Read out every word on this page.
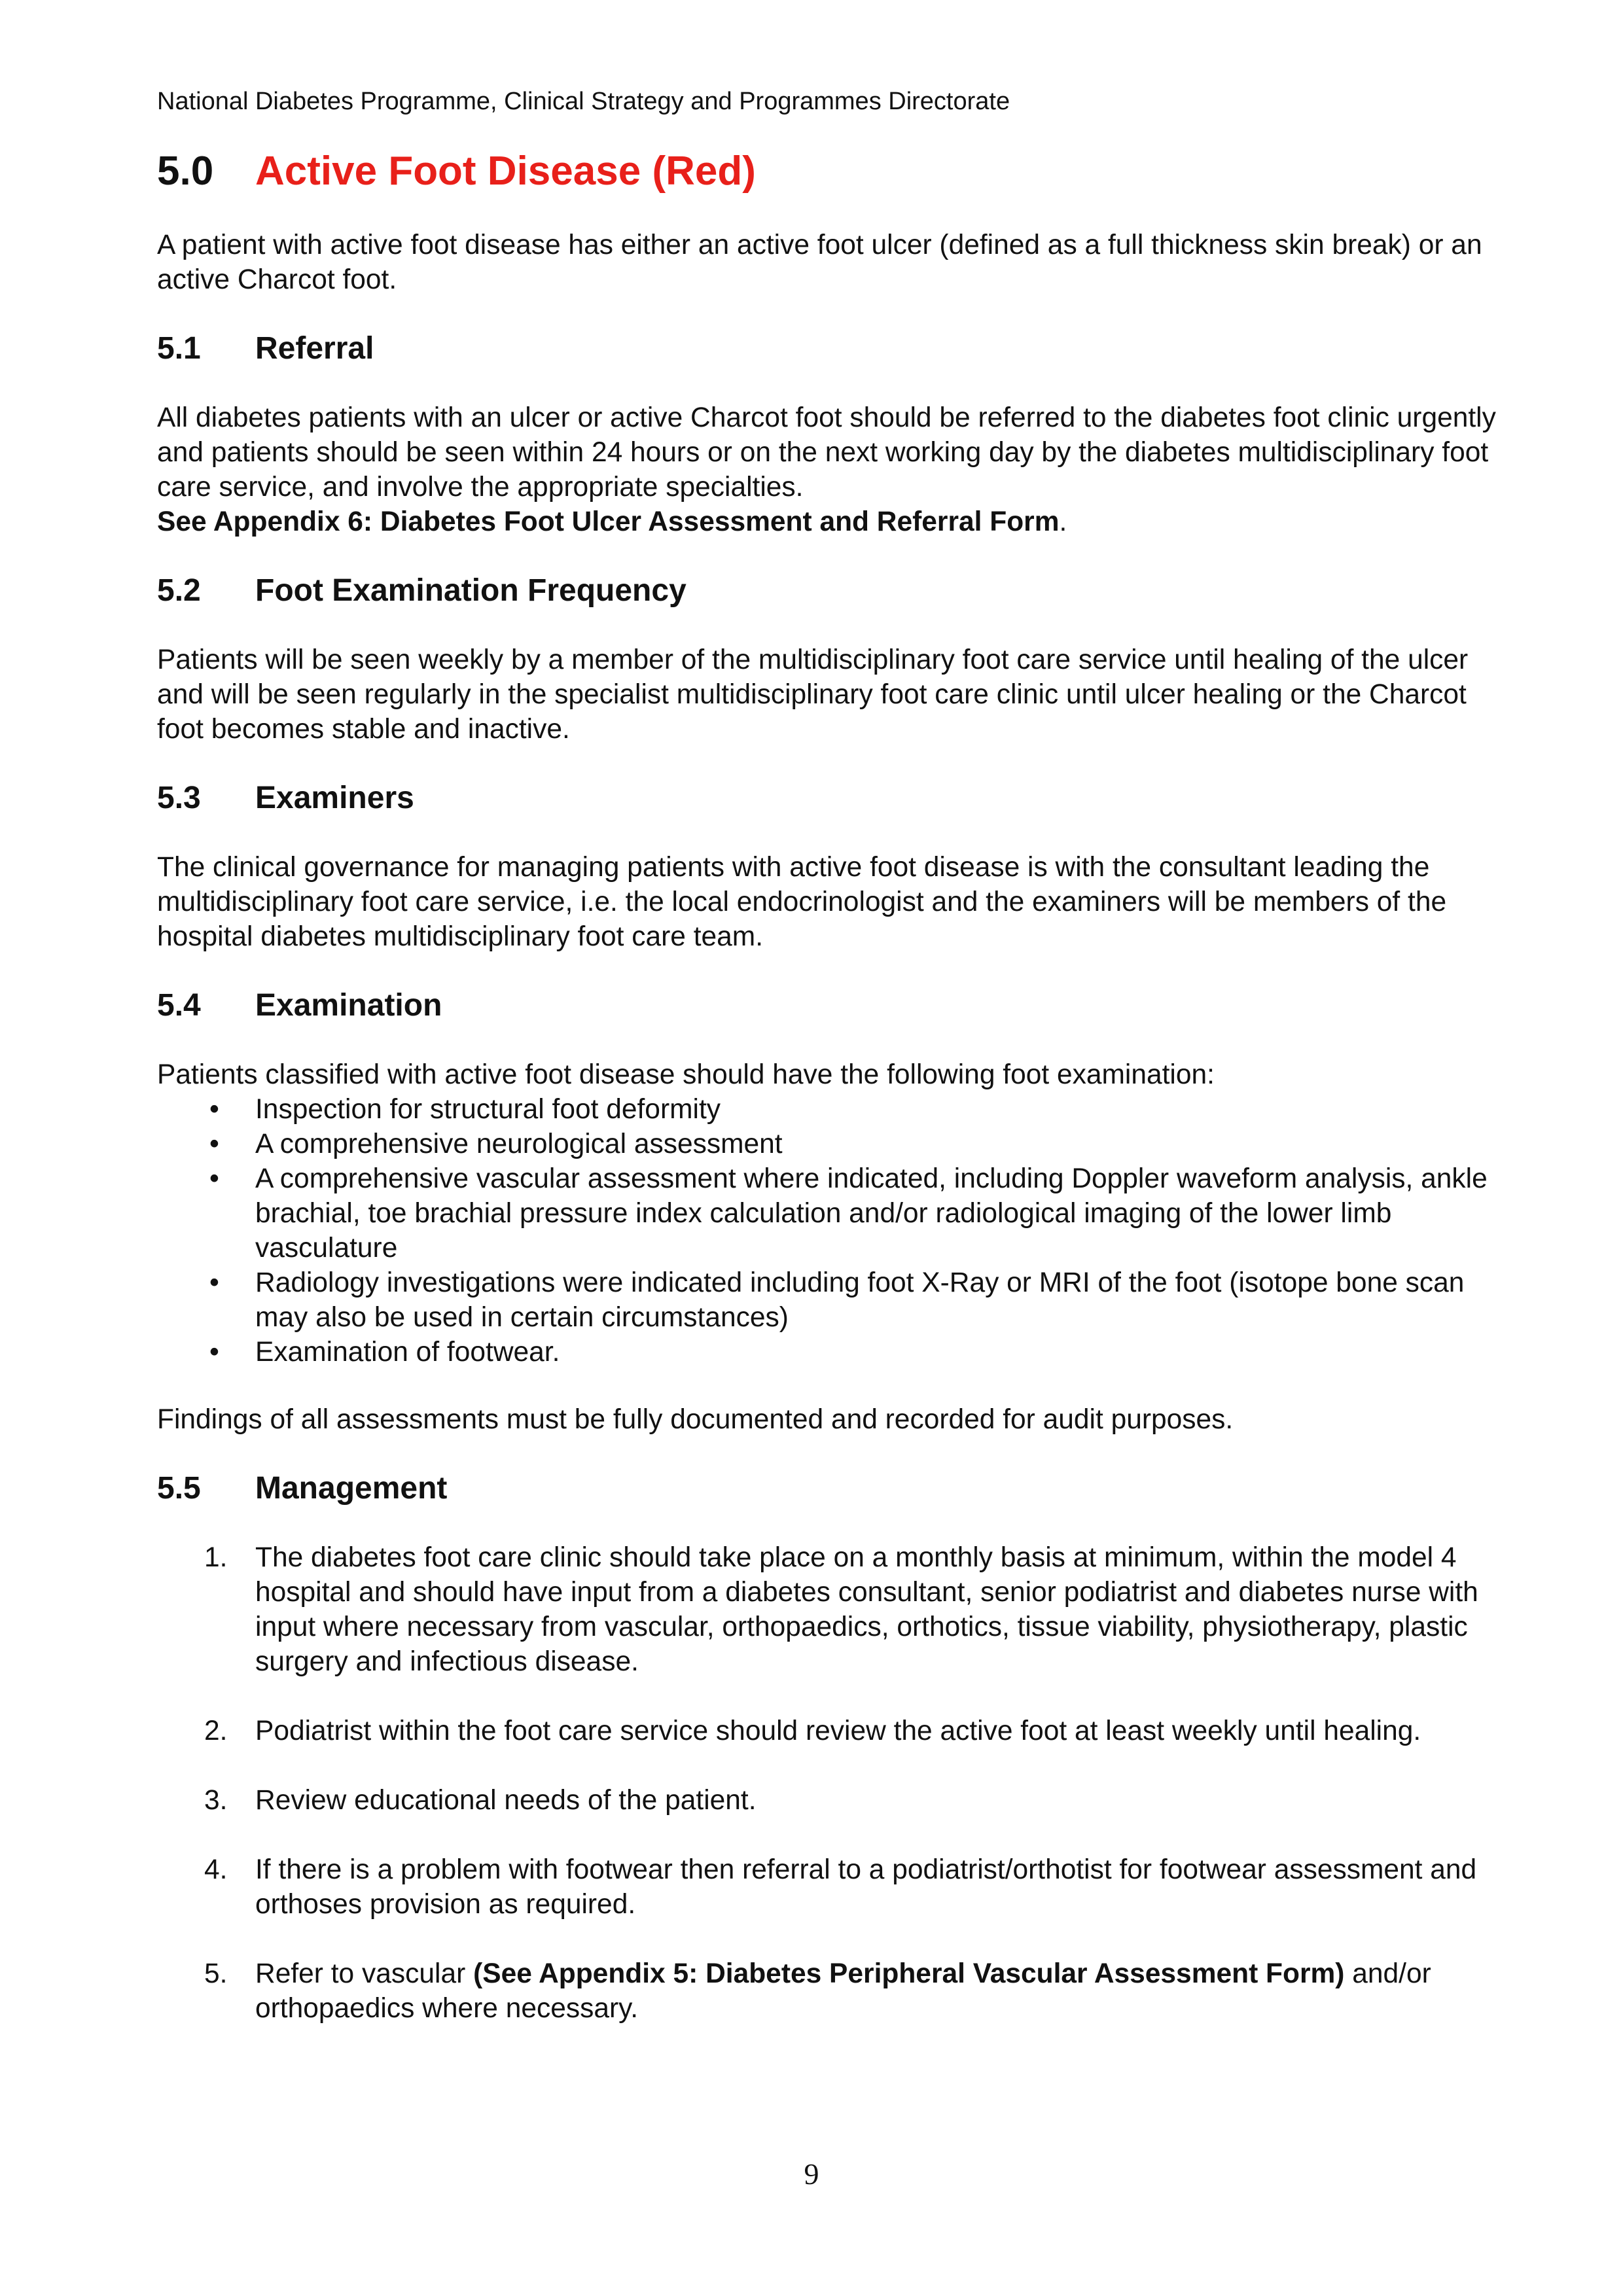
National Diabetes Programme, Clinical Strategy and Programmes Directorate
5.0	Active Foot Disease (Red)

A patient with active foot disease has either an active foot ulcer (defined as a full thickness skin break) or an active Charcot foot.

5.1	Referral

All diabetes patients with an ulcer or active Charcot foot should be referred to the diabetes foot clinic urgently and patients should be seen within 24 hours or on the next working day by the diabetes multidisciplinary foot care service, and involve the appropriate specialties.

See Appendix 6: Diabetes Foot Ulcer Assessment and Referral Form.

5.2	Foot Examination Frequency

Patients will be seen weekly by a member of the multidisciplinary foot care service until healing of the ulcer and will be seen regularly in the specialist multidisciplinary foot care clinic until ulcer healing or the Charcot foot becomes stable and inactive.

5.3	Examiners

The clinical governance for managing patients with active foot disease is with the consultant leading the multidisciplinary foot care service, i.e. the local endocrinologist and the examiners will be members of the hospital diabetes multidisciplinary foot care team.

5.4	Examination

Patients classified with active foot disease should have the following foot examination:

• Inspection for structural foot deformity
• A comprehensive neurological assessment
• A comprehensive vascular assessment where indicated, including Doppler waveform analysis, ankle brachial, toe brachial pressure index calculation and/or radiological imaging of the lower limb vasculature
• Radiology investigations were indicated including foot X-Ray or MRI of the foot (isotope bone scan may also be used in certain circumstances)
• Examination of footwear.

Findings of all assessments must be fully documented and recorded for audit purposes.

5.5	Management
1. The diabetes foot care clinic should take place on a monthly basis at minimum, within the model 4 hospital and should have input from a diabetes consultant, senior podiatrist and diabetes nurse with input where necessary from vascular, orthopaedics, orthotics, tissue viability, physiotherapy, plastic surgery and infectious disease.
2. Podiatrist within the foot care service should review the active foot at least weekly until healing.
3. Review educational needs of the patient.
4. If there is a problem with footwear then referral to a podiatrist/orthotist for footwear assessment and orthoses provision as required.
5. Refer to vascular (See Appendix 5: Diabetes Peripheral Vascular Assessment Form) and/or orthopaedics where necessary.
9
